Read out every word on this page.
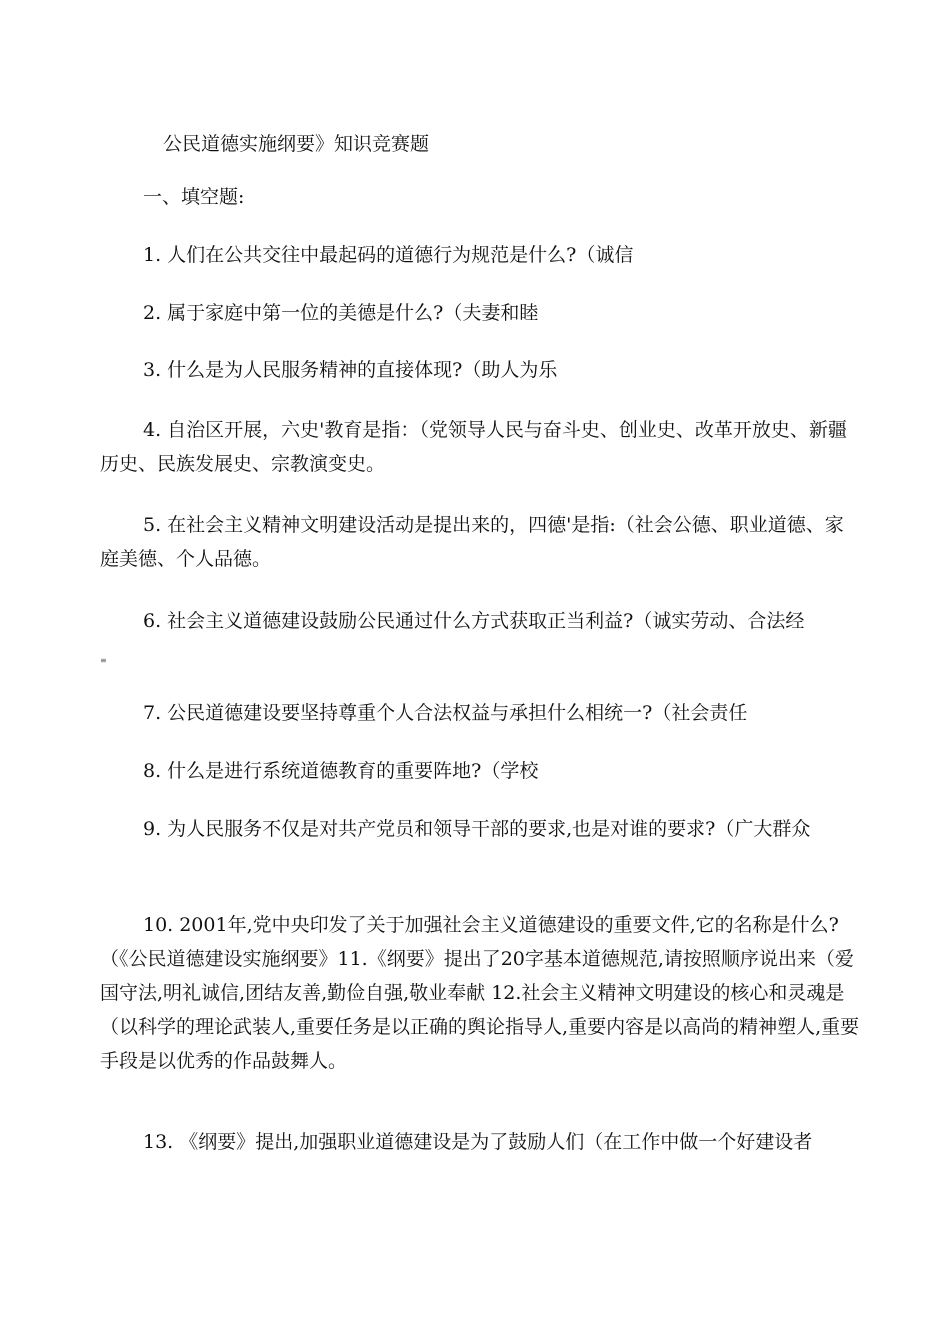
公民道德实施纲要》知识竞赛题
一、填空题:

1. 人们在公共交往中最起码的道德行为规范是什么?（诚信

2. 属于家庭中第一位的美德是什么?（夫妻和睦

3. 什么是为人民服务精神的直接体现?（助人为乐

4. 自治区开展，六史'教育是指：（党领导人民与奋斗史、创业史、改革开放史、新疆历史、民族发展史、宗教演变史。

5. 在社会主义精神文明建设活动是提出来的，四德'是指:（社会公德、职业道德、家庭美德、个人品德。

6. 社会主义道德建设鼓励公民通过什么方式获取正当利益?（诚实劳动、合法经

≡

7. 公民道德建设要坚持尊重个人合法权益与承担什么相统一?（社会责任

8. 什么是进行系统道德教育的重要阵地?（学校

9. 为人民服务不仅是对共产党员和领导干部的要求,也是对谁的要求?（广大群众

10. 2001年,党中央印发了关于加强社会主义道德建设的重要文件,它的名称是什么?（《公民道德建设实施纲要》11.《纲要》提出了20字基本道德规范,请按照顺序说出来（爱国守法,明礼诚信,团结友善,勤俭自强,敬业奉献 12.社会主义精神文明建设的核心和灵魂是（以科学的理论武装人,重要任务是以正确的舆论指导人,重要内容是以高尚的精神塑人,重要手段是以优秀的作品鼓舞人。

13. 《纲要》提出,加强职业道德建设是为了鼓励人们（在工作中做一个好建设者
